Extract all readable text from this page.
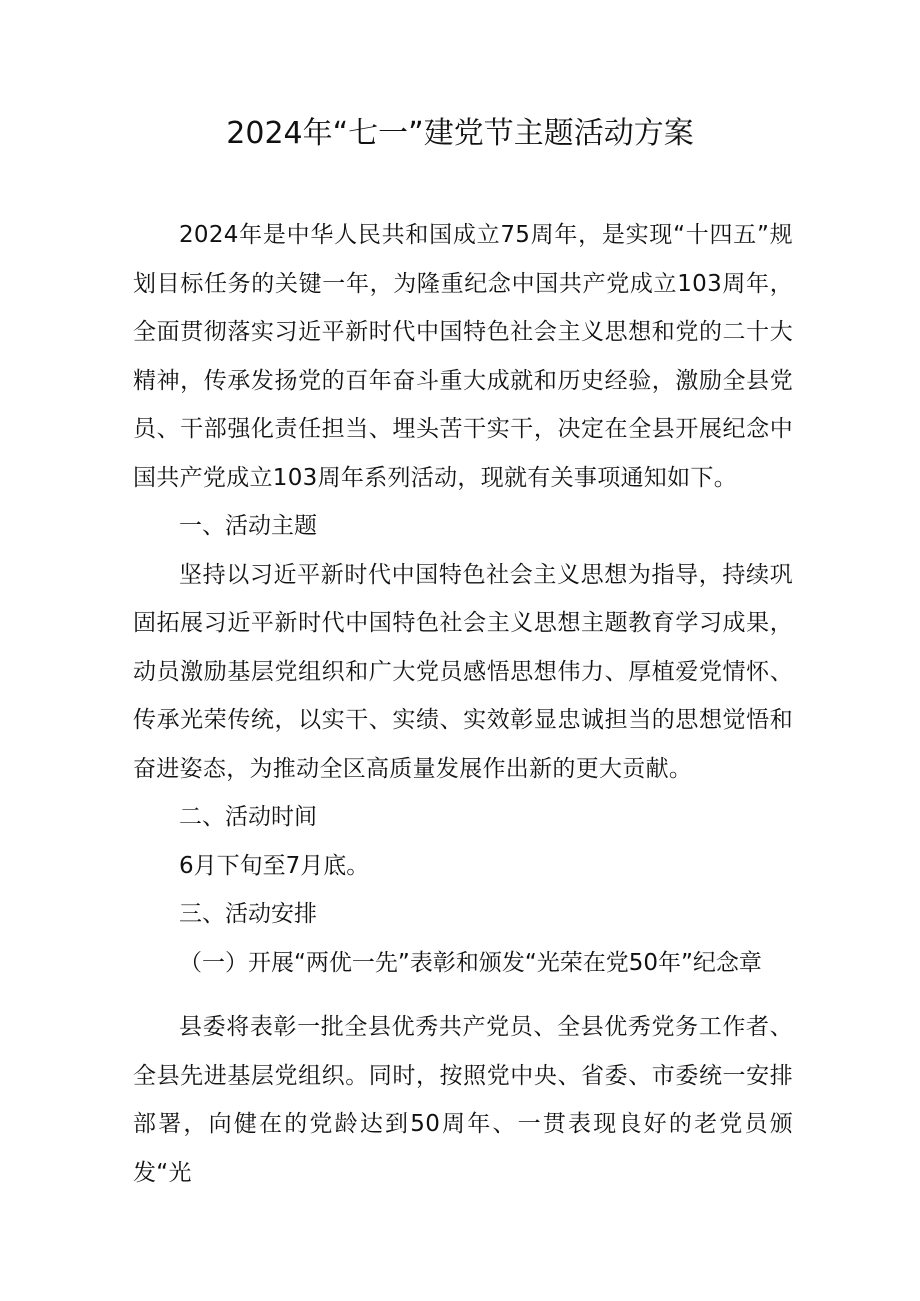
2024年“七一”建党节主题活动方案

2024年是中华人民共和国成立75周年，是实现“十四五”规划目标任务的关键一年，为隆重纪念中国共产党成立103周年，全面贯彻落实习近平新时代中国特色社会主义思想和党的二十大精神，传承发扬党的百年奋斗重大成就和历史经验，激励全县党员、干部强化责任担当、埋头苦干实干，决定在全县开展纪念中国共产党成立103周年系列活动，现就有关事项通知如下。

一、活动主题

坚持以习近平新时代中国特色社会主义思想为指导，持续巩固拓展习近平新时代中国特色社会主义思想主题教育学习成果，动员激励基层党组织和广大党员感悟思想伟力、厚植爱党情怀、传承光荣传统，以实干、实绩、实效彰显忠诚担当的思想觉悟和奋进姿态，为推动全区高质量发展作出新的更大贡献。

二、活动时间

6月下旬至7月底。

三、活动安排

（一）开展“两优一先”表彰和颁发“光荣在党50年”纪念章

县委将表彰一批全县优秀共产党员、全县优秀党务工作者、全县先进基层党组织。同时，按照党中央、省委、市委统一安排部署，向健在的党龄达到50周年、一贯表现良好的老党员颁发“光
